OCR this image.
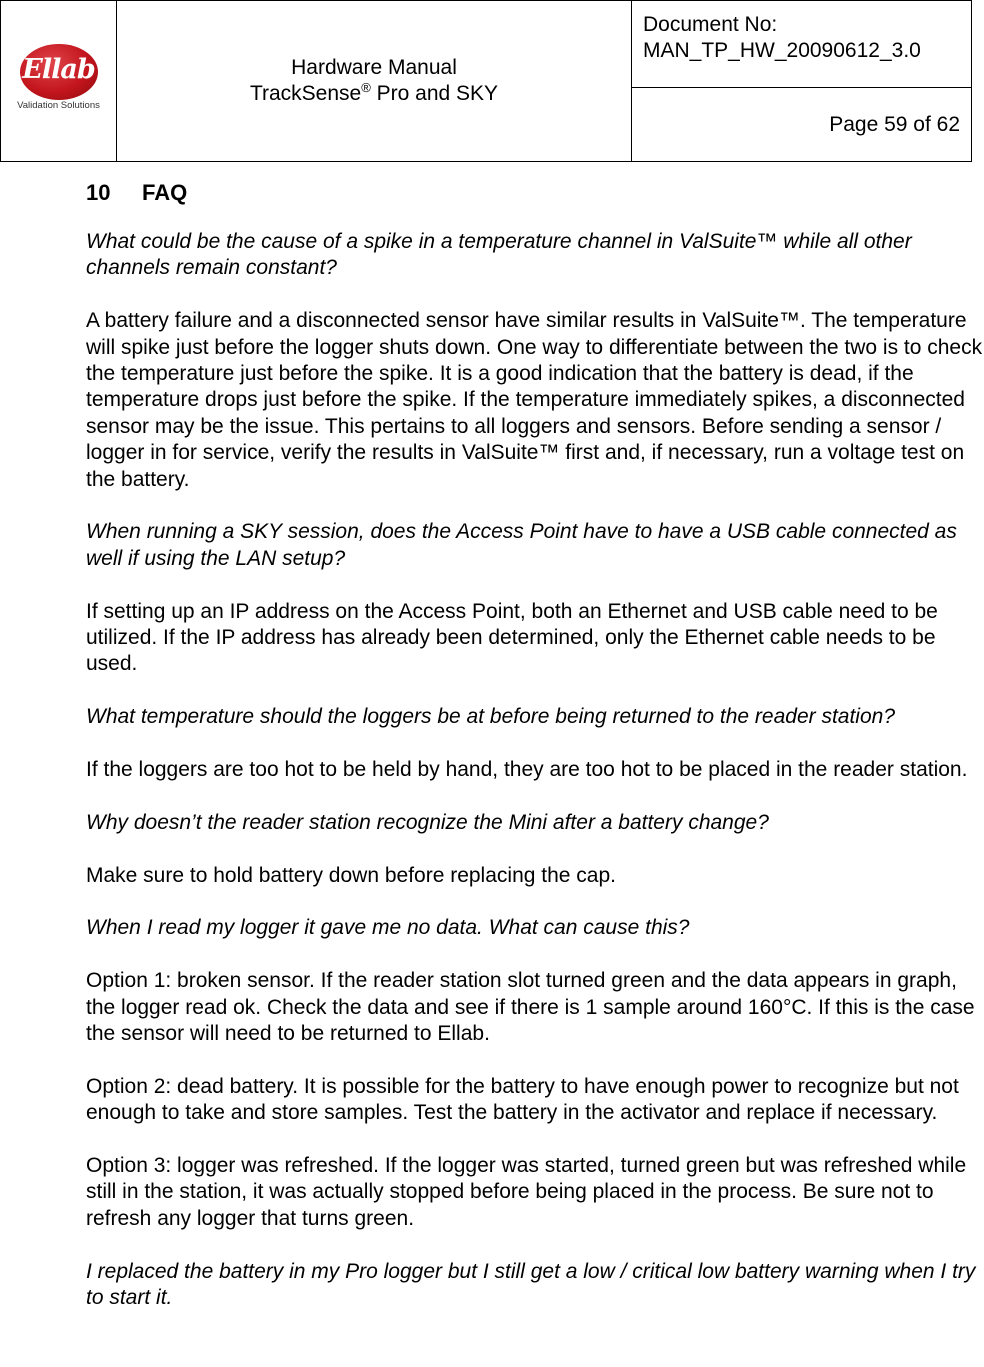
Ellab
Validation Solutions

Hardware Manual
TrackSense® Pro and SKY

Document No:
MAN_TP_HW_20090612_3.0

Page 59 of 62
10 FAQ

What could be the cause of a spike in a temperature channel in ValSuite™ while all other channels remain constant?

A battery failure and a disconnected sensor have similar results in ValSuite™. The temperature will spike just before the logger shuts down. One way to differentiate between the two is to check the temperature just before the spike. It is a good indication that the battery is dead, if the temperature drops just before the spike. If the temperature immediately spikes, a disconnected sensor may be the issue. This pertains to all loggers and sensors. Before sending a sensor / logger in for service, verify the results in ValSuite™ first and, if necessary, run a voltage test on the battery.

When running a SKY session, does the Access Point have to have a USB cable connected as well if using the LAN setup?

If setting up an IP address on the Access Point, both an Ethernet and USB cable need to be utilized. If the IP address has already been determined, only the Ethernet cable needs to be used.

What temperature should the loggers be at before being returned to the reader station?

If the loggers are too hot to be held by hand, they are too hot to be placed in the reader station.

Why doesn’t the reader station recognize the Mini after a battery change?

Make sure to hold battery down before replacing the cap.

When I read my logger it gave me no data. What can cause this?

Option 1: broken sensor. If the reader station slot turned green and the data appears in graph, the logger read ok. Check the data and see if there is 1 sample around 160°C. If this is the case the sensor will need to be returned to Ellab.

Option 2: dead battery. It is possible for the battery to have enough power to recognize but not enough to take and store samples. Test the battery in the activator and replace if necessary.

Option 3: logger was refreshed. If the logger was started, turned green but was refreshed while still in the station, it was actually stopped before being placed in the process. Be sure not to refresh any logger that turns green.

I replaced the battery in my Pro logger but I still get a low / critical low battery warning when I try to start it.
